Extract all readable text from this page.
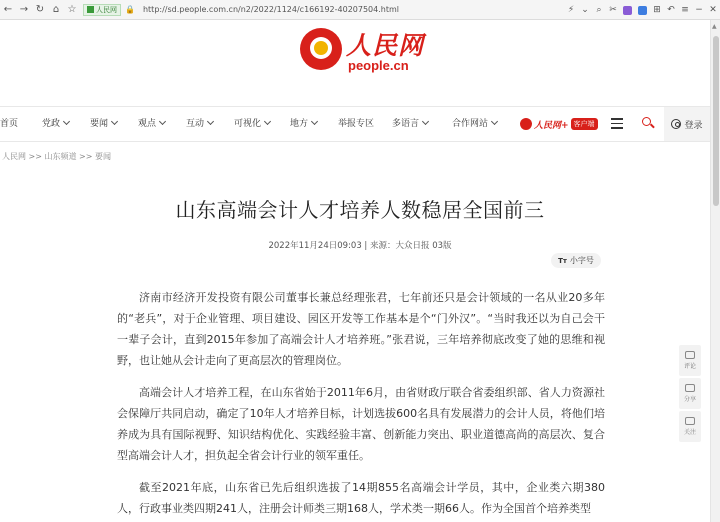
← → ↻ ⌂ ☆	人民网 🔒 http://sd.people.com.cn/n2/2022/1124/c166192-40207504.html	⚡ ⌄ ⌕ ✂	⊞ ↶ ≡ − ✕
▲
人民网
people.cn
首页	党政	要闻	观点	互动	可视化	地方	举报专区 多语言	合作网站	人民网+ 客户端	登录
人民网 >> 山东频道 >> 要闻
山东高端会计人才培养人数稳居全国前三
2022年11月24日09:03 | 来源：大众日报 03版
Tт 小字号

济南市经济开发投资有限公司董事长兼总经理张君，七年前还只是会计领域的一名从业20多年的“老兵”，对于企业管理、项目建设、园区开发等工作基本是个“门外汉”。“当时我还以为自己会干一辈子会计，直到2015年参加了高端会计人才培养班。”张君说，三年培养彻底改变了她的思维和视野，也让她从会计走向了更高层次的管理岗位。

高端会计人才培养工程，在山东省始于2011年6月，由省财政厅联合省委组织部、省人力资源社会保障厅共同启动，确定了10年人才培养目标，计划选拔600名具有发展潜力的会计人员，将他们培养成为具有国际视野、知识结构优化、实践经验丰富、创新能力突出、职业道德高尚的高层次、复合型高端会计人才，担负起全省会计行业的领军重任。

截至2021年底，山东省已先后组织选拔了14期855名高端会计学员，其中，企业类六期380人，行政事业类四期241人，注册会计师类三期168人，学术类一期66人。作为全国首个培养类型

评论
分享
关注
